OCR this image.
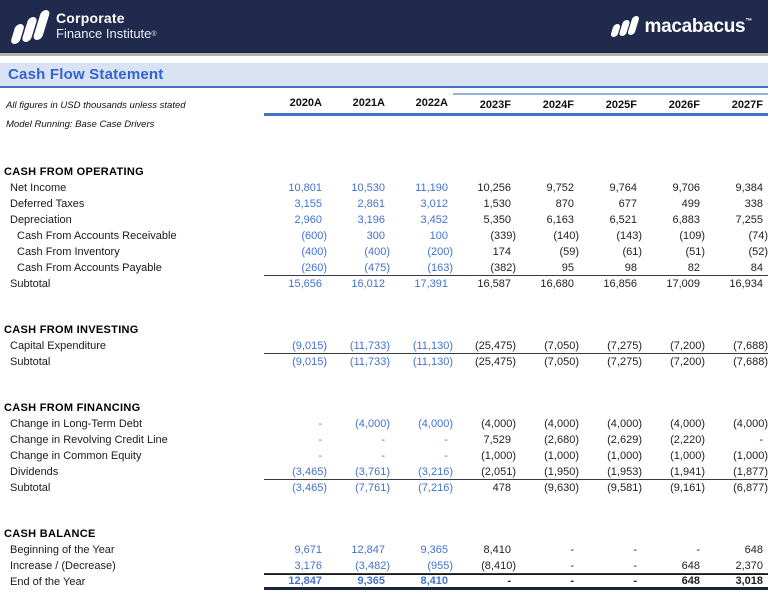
Corporate
Finance Institute®	macabacus™
Cash Flow Statement
All figures in USD thousands unless stated	2020A	2021A	2022A	2023F	2024F	2025F	2026F	2027F
Model Running: Base Case Drivers
CASH FROM OPERATING
Net Income	10,801	10,530	11,190	10,256	9,752	9,764	9,706	9,384
Deferred Taxes	3,155	2,861	3,012	1,530	870	677	499	338
Depreciation	2,960	3,196	3,452	5,350	6,163	6,521	6,883	7,255
Cash From Accounts Receivable	(600)	300	100	(339)	(140)	(143)	(109)	(74)
Cash From Inventory	(400)	(400)	(200)	174	(59)	(61)	(51)	(52)
Cash From Accounts Payable	(260)	(475)	(163)	(382)	95	98	82	84
Subtotal	15,656	16,012	17,391	16,587	16,680	16,856	17,009	16,934
CASH FROM INVESTING
Capital Expenditure	(9,015)	(11,733)	(11,130)	(25,475)	(7,050)	(7,275)	(7,200)	(7,688)
Subtotal	(9,015)	(11,733)	(11,130)	(25,475)	(7,050)	(7,275)	(7,200)	(7,688)
CASH FROM FINANCING
Change in Long-Term Debt	-	(4,000)	(4,000)	(4,000)	(4,000)	(4,000)	(4,000)	(4,000)
Change in Revolving Credit Line	-	-	-	7,529	(2,680)	(2,629)	(2,220)	-
Change in Common Equity	-	-	-	(1,000)	(1,000)	(1,000)	(1,000)	(1,000)
Dividends	(3,465)	(3,761)	(3,216)	(2,051)	(1,950)	(1,953)	(1,941)	(1,877)
Subtotal	(3,465)	(7,761)	(7,216)	478	(9,630)	(9,581)	(9,161)	(6,877)
CASH BALANCE
Beginning of the Year	9,671	12,847	9,365	8,410	-	-	-	648
Increase / (Decrease)	3,176	(3,482)	(955)	(8,410)	-	-	648	2,370
End of the Year	12,847	9,365	8,410	-	-	-	648	3,018
